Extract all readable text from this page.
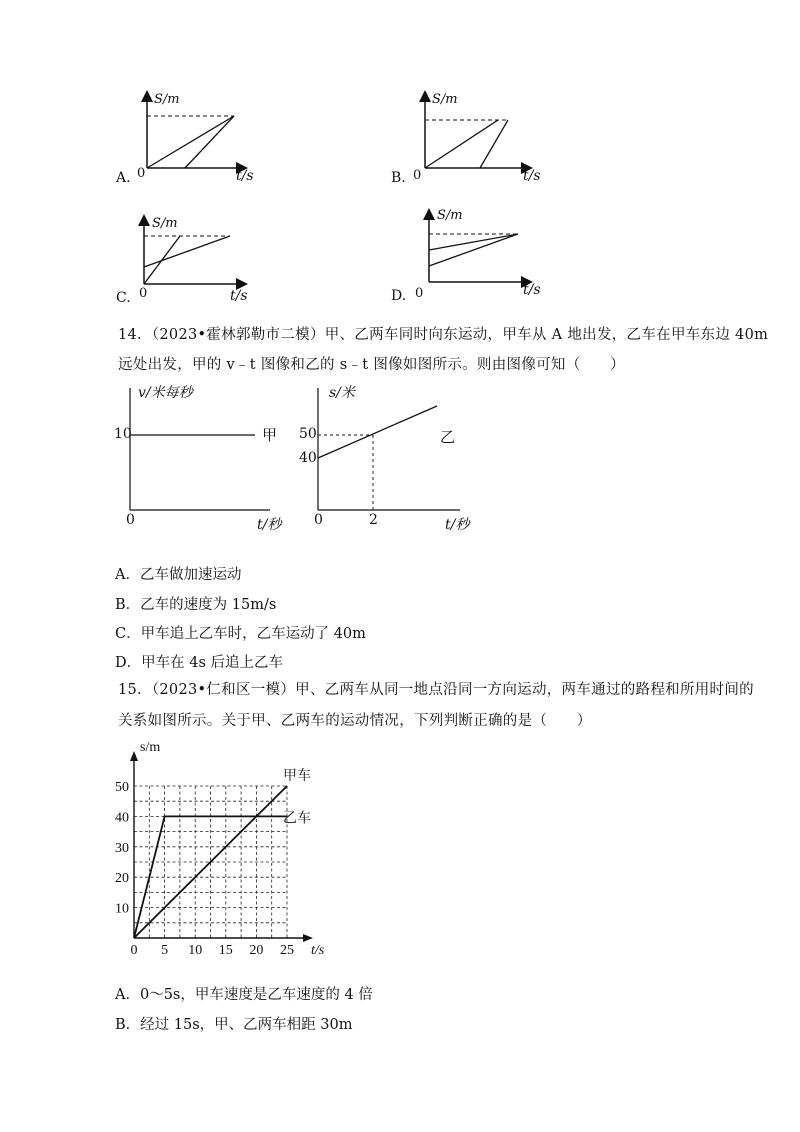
A.
S/m
0	t/s	B.
S/m
0	t/s
C.
S/m
0	t/s	D.
S/m
0	t/s
14．（2023•霍林郭勒市二模）甲、乙两车同时向东运动，甲车从 A 地出发，乙车在甲车东边 40m
远处出发，甲的 v﹣t 图像和乙的 s﹣t 图像如图所示。则由图像可知（　　）
v/米每秒
10	甲
0	t/秒
s/米
50
40
乙
0	2	t/秒
A．乙车做加速运动
B．乙车的速度为 15m/s
C．甲车追上乙车时，乙车运动了 40m
D．甲车在 4s 后追上乙车
15．（2023•仁和区一模）甲、乙两车从同一地点沿同一方向运动，两车通过的路程和所用时间的
关系如图所示。关于甲、乙两车的运动情况，下列判断正确的是（　　）
0 5 10 15 20 25
10
20
30
40
50
s/m
t/s
甲车
乙车
A．0～5s，甲车速度是乙车速度的 4 倍
B．经过 15s，甲、乙两车相距 30m
